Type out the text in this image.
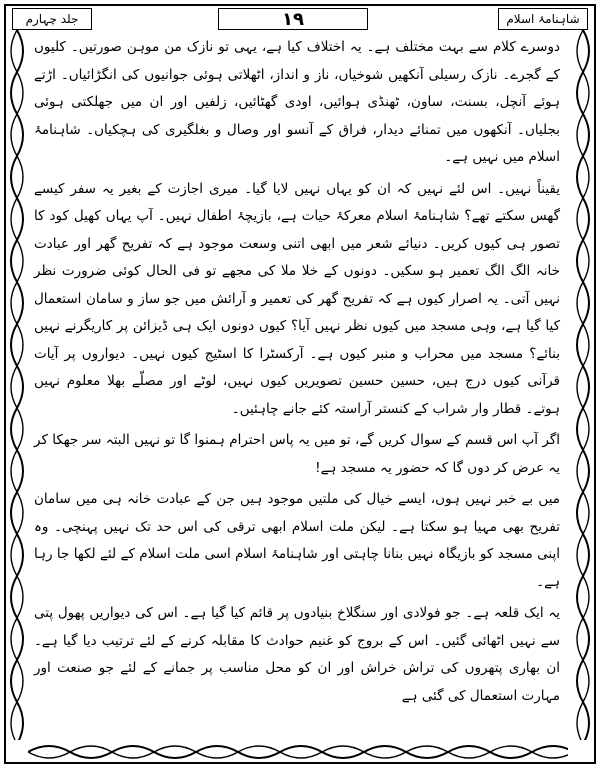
جلد چہارم	١٩	شاہنامۂ اسلام

دوسرے کلام سے بہت مختلف ہے۔ یہ اختلاف کیا ہے، یہی تو نازک من موہن صورتیں۔ کلیوں کے گجرے۔ نازک رسیلی آنکھیں شوخیاں، ناز و انداز، اٹھلاتی ہوئی جوانیوں کی انگڑائیاں۔ اڑتے ہوئے آنچل، بسنت، ساون، ٹھنڈی ہوائیں، اودی گھٹائیں، زلفیں اور ان میں جھلکتی ہوئی بجلیاں۔ آنکھوں میں تمنائے دیدار، فراق کے آنسو اور وصال و بغلگیری کی ہچکیاں۔ شاہنامۂ اسلام میں نہیں ہے۔

یقیناً نہیں۔ اس لئے نہیں کہ ان کو یہاں نہیں لایا گیا۔ میری اجازت کے بغیر یہ سفر کیسے گھس سکتے تھے؟ شاہنامۂ اسلام معرکۂ حیات ہے، بازیچۂ اطفال نہیں۔ آپ یہاں کھیل کود کا تصور ہی کیوں کریں۔ دنیائے شعر میں ابھی اتنی وسعت موجود ہے کہ تفریح گھر اور عبادت خانہ الگ الگ تعمیر ہو سکیں۔ دونوں کے خلا ملا کی مجھے تو فی الحال کوئی ضرورت نظر نہیں آتی۔ یہ اصرار کیوں ہے کہ تفریح گھر کی تعمیر و آرائش میں جو ساز و سامان استعمال کیا گیا ہے، وہی مسجد میں کیوں نظر نہیں آیا؟ کیوں دونوں ایک ہی ڈیزائن پر کاریگرنے نہیں بنائے؟ مسجد میں محراب و منبر کیوں ہے۔ آرکسٹرا کا اسٹیج کیوں نہیں۔ دیواروں پر آیات قرآنی کیوں درج ہیں، حسین حسین تصویریں کیوں نہیں، لوٹے اور مصلّے بھلا معلوم نہیں ہوتے۔ قطار وار شراب کے کنستر آراستہ کئے جانے چاہئیں۔

اگر آپ اس قسم کے سوال کریں گے، تو میں یہ پاس احترام ہمنوا گا تو نہیں البتہ سر جھکا کر یہ عرض کر دوں گا کہ حضور یہ مسجد ہے!

میں بے خبر نہیں ہوں، ایسے خیال کی ملتیں موجود ہیں جن کے عبادت خانہ ہی میں سامان تفریح بھی مہیا ہو سکتا ہے۔ لیکن ملت اسلام ابھی ترقی کی اس حد تک نہیں پہنچی۔ وہ اپنی مسجد کو بازیگاہ نہیں بنانا چاہتی اور شاہنامۂ اسلام اسی ملت اسلام کے لئے لکھا جا رہا ہے۔

یہ ایک قلعہ ہے۔ جو فولادی اور سنگلاخ بنیادوں پر قائم کیا گیا ہے۔ اس کی دیواریں پھول پتی سے نہیں اٹھائی گئیں۔ اس کے بروج کو غنیم حوادث کا مقابلہ کرنے کے لئے ترتیب دیا گیا ہے۔ ان بھاری پتھروں کی تراش خراش اور ان کو محل مناسب پر جمانے کے لئے جو صنعت اور مہارت استعمال کی گئی ہے
